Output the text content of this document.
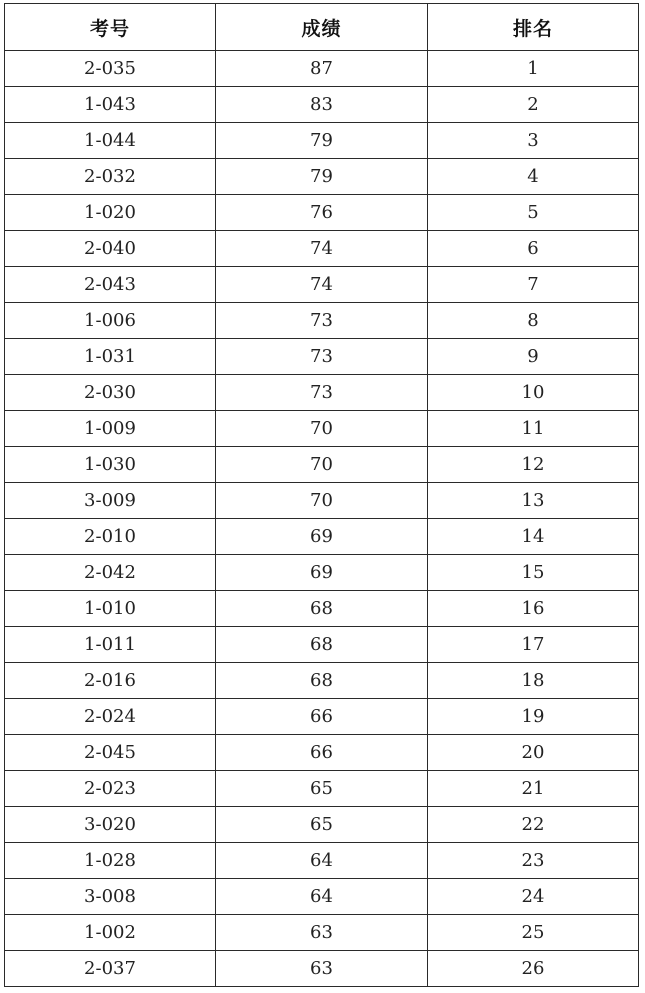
考号	成绩	排名
2-035	87	1
1-043	83	2
1-044	79	3
2-032	79	4
1-020	76	5
2-040	74	6
2-043	74	7
1-006	73	8
1-031	73	9
2-030	73	10
1-009	70	11
1-030	70	12
3-009	70	13
2-010	69	14
2-042	69	15
1-010	68	16
1-011	68	17
2-016	68	18
2-024	66	19
2-045	66	20
2-023	65	21
3-020	65	22
1-028	64	23
3-008	64	24
1-002	63	25
2-037	63	26
